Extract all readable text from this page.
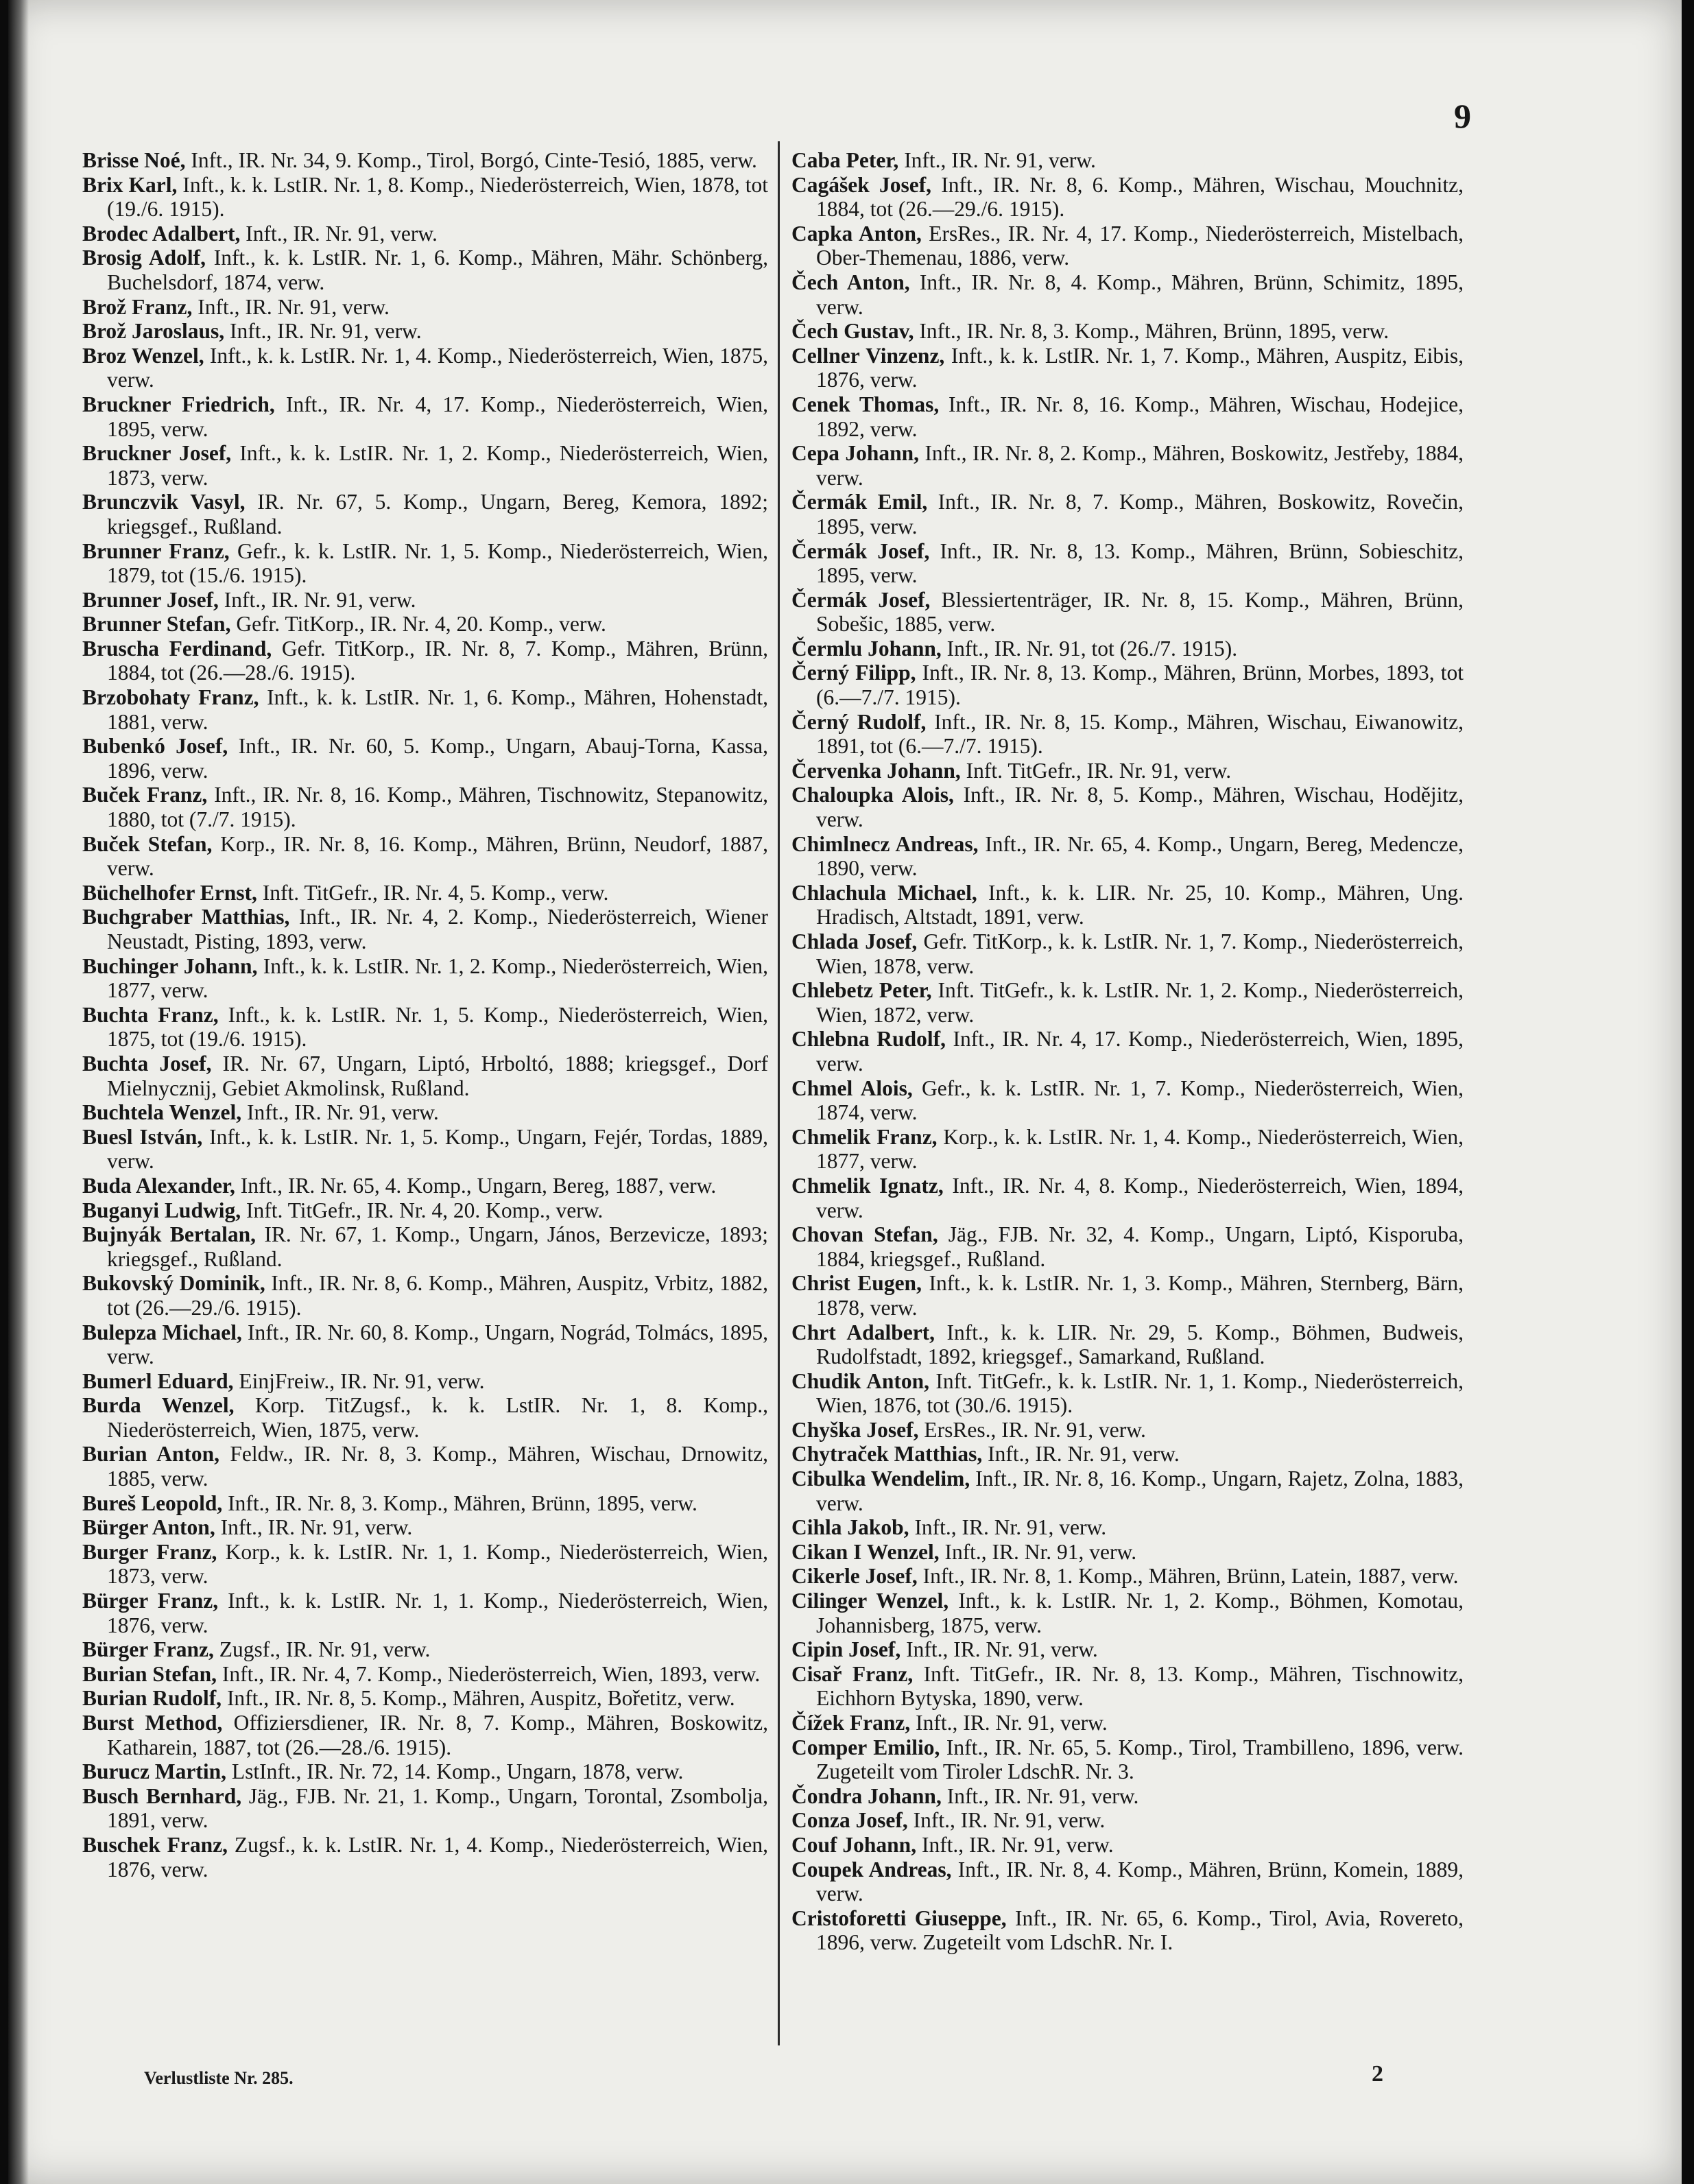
9

Brisse Noé, Inft., IR. Nr. 34, 9. Komp., Tirol, Borgó, Cinte-Tesió, 1885, verw.

Brix Karl, Inft., k. k. LstIR. Nr. 1, 8. Komp., Niederösterreich, Wien, 1878, tot (19./6. 1915).

Brodec Adalbert, Inft., IR. Nr. 91, verw.

Brosig Adolf, Inft., k. k. LstIR. Nr. 1, 6. Komp., Mähren, Mähr. Schönberg, Buchelsdorf, 1874, verw.

Brož Franz, Inft., IR. Nr. 91, verw.

Brož Jaroslaus, Inft., IR. Nr. 91, verw.

Broz Wenzel, Inft., k. k. LstIR. Nr. 1, 4. Komp., Niederösterreich, Wien, 1875, verw.

Bruckner Friedrich, Inft., IR. Nr. 4, 17. Komp., Niederösterreich, Wien, 1895, verw.

Bruckner Josef, Inft., k. k. LstIR. Nr. 1, 2. Komp., Niederösterreich, Wien, 1873, verw.

Brunczvik Vasyl, IR. Nr. 67, 5. Komp., Ungarn, Bereg, Kemora, 1892; kriegsgef., Rußland.

Brunner Franz, Gefr., k. k. LstIR. Nr. 1, 5. Komp., Niederösterreich, Wien, 1879, tot (15./6. 1915).

Brunner Josef, Inft., IR. Nr. 91, verw.

Brunner Stefan, Gefr. TitKorp., IR. Nr. 4, 20. Komp., verw.

Bruscha Ferdinand, Gefr. TitKorp., IR. Nr. 8, 7. Komp., Mähren, Brünn, 1884, tot (26.—28./6. 1915).

Brzobohaty Franz, Inft., k. k. LstIR. Nr. 1, 6. Komp., Mähren, Hohenstadt, 1881, verw.

Bubenkó Josef, Inft., IR. Nr. 60, 5. Komp., Ungarn, Abauj-Torna, Kassa, 1896, verw.

Buček Franz, Inft., IR. Nr. 8, 16. Komp., Mähren, Tischnowitz, Stepanowitz, 1880, tot (7./7. 1915).

Buček Stefan, Korp., IR. Nr. 8, 16. Komp., Mähren, Brünn, Neudorf, 1887, verw.

Büchelhofer Ernst, Inft. TitGefr., IR. Nr. 4, 5. Komp., verw.

Buchgraber Matthias, Inft., IR. Nr. 4, 2. Komp., Niederösterreich, Wiener Neustadt, Pisting, 1893, verw.

Buchinger Johann, Inft., k. k. LstIR. Nr. 1, 2. Komp., Niederösterreich, Wien, 1877, verw.

Buchta Franz, Inft., k. k. LstIR. Nr. 1, 5. Komp., Niederösterreich, Wien, 1875, tot (19./6. 1915).

Buchta Josef, IR. Nr. 67, Ungarn, Liptó, Hrboltó, 1888; kriegsgef., Dorf Mielnycznij, Gebiet Akmolinsk, Rußland.

Buchtela Wenzel, Inft., IR. Nr. 91, verw.

Buesl István, Inft., k. k. LstIR. Nr. 1, 5. Komp., Ungarn, Fejér, Tordas, 1889, verw.

Buda Alexander, Inft., IR. Nr. 65, 4. Komp., Ungarn, Bereg, 1887, verw.

Buganyi Ludwig, Inft. TitGefr., IR. Nr. 4, 20. Komp., verw.

Bujnyák Bertalan, IR. Nr. 67, 1. Komp., Ungarn, János, Berzevicze, 1893; kriegsgef., Rußland.

Bukovský Dominik, Inft., IR. Nr. 8, 6. Komp., Mähren, Auspitz, Vrbitz, 1882, tot (26.—29./6. 1915).

Bulepza Michael, Inft., IR. Nr. 60, 8. Komp., Ungarn, Nográd, Tolmács, 1895, verw.

Bumerl Eduard, EinjFreiw., IR. Nr. 91, verw.

Burda Wenzel, Korp. TitZugsf., k. k. LstIR. Nr. 1, 8. Komp., Niederösterreich, Wien, 1875, verw.

Burian Anton, Feldw., IR. Nr. 8, 3. Komp., Mähren, Wischau, Drnowitz, 1885, verw.

Bureš Leopold, Inft., IR. Nr. 8, 3. Komp., Mähren, Brünn, 1895, verw.

Bürger Anton, Inft., IR. Nr. 91, verw.

Burger Franz, Korp., k. k. LstIR. Nr. 1, 1. Komp., Niederösterreich, Wien, 1873, verw.

Bürger Franz, Inft., k. k. LstIR. Nr. 1, 1. Komp., Niederösterreich, Wien, 1876, verw.

Bürger Franz, Zugsf., IR. Nr. 91, verw.

Burian Stefan, Inft., IR. Nr. 4, 7. Komp., Niederösterreich, Wien, 1893, verw.

Burian Rudolf, Inft., IR. Nr. 8, 5. Komp., Mähren, Auspitz, Bořetitz, verw.

Burst Method, Offiziersdiener, IR. Nr. 8, 7. Komp., Mähren, Boskowitz, Katharein, 1887, tot (26.—28./6. 1915).

Burucz Martin, LstInft., IR. Nr. 72, 14. Komp., Ungarn, 1878, verw.

Busch Bernhard, Jäg., FJB. Nr. 21, 1. Komp., Ungarn, Torontal, Zsombolja, 1891, verw.

Buschek Franz, Zugsf., k. k. LstIR. Nr. 1, 4. Komp., Niederösterreich, Wien, 1876, verw.

Caba Peter, Inft., IR. Nr. 91, verw.

Cagášek Josef, Inft., IR. Nr. 8, 6. Komp., Mähren, Wischau, Mouchnitz, 1884, tot (26.—29./6. 1915).

Capka Anton, ErsRes., IR. Nr. 4, 17. Komp., Niederösterreich, Mistelbach, Ober-Themenau, 1886, verw.

Čech Anton, Inft., IR. Nr. 8, 4. Komp., Mähren, Brünn, Schimitz, 1895, verw.

Čech Gustav, Inft., IR. Nr. 8, 3. Komp., Mähren, Brünn, 1895, verw.

Cellner Vinzenz, Inft., k. k. LstIR. Nr. 1, 7. Komp., Mähren, Auspitz, Eibis, 1876, verw.

Cenek Thomas, Inft., IR. Nr. 8, 16. Komp., Mähren, Wischau, Hodejice, 1892, verw.

Cepa Johann, Inft., IR. Nr. 8, 2. Komp., Mähren, Boskowitz, Jestřeby, 1884, verw.

Čermák Emil, Inft., IR. Nr. 8, 7. Komp., Mähren, Boskowitz, Rovečin, 1895, verw.

Čermák Josef, Inft., IR. Nr. 8, 13. Komp., Mähren, Brünn, Sobieschitz, 1895, verw.

Čermák Josef, Blessiertenträger, IR. Nr. 8, 15. Komp., Mähren, Brünn, Sobešic, 1885, verw.

Čermlu Johann, Inft., IR. Nr. 91, tot (26./7. 1915).

Černý Filipp, Inft., IR. Nr. 8, 13. Komp., Mähren, Brünn, Morbes, 1893, tot (6.—7./7. 1915).

Černý Rudolf, Inft., IR. Nr. 8, 15. Komp., Mähren, Wischau, Eiwanowitz, 1891, tot (6.—7./7. 1915).

Červenka Johann, Inft. TitGefr., IR. Nr. 91, verw.

Chaloupka Alois, Inft., IR. Nr. 8, 5. Komp., Mähren, Wischau, Hodějitz, verw.

Chimlnecz Andreas, Inft., IR. Nr. 65, 4. Komp., Ungarn, Bereg, Medencze, 1890, verw.

Chlachula Michael, Inft., k. k. LIR. Nr. 25, 10. Komp., Mähren, Ung. Hradisch, Altstadt, 1891, verw.

Chlada Josef, Gefr. TitKorp., k. k. LstIR. Nr. 1, 7. Komp., Niederösterreich, Wien, 1878, verw.

Chlebetz Peter, Inft. TitGefr., k. k. LstIR. Nr. 1, 2. Komp., Niederösterreich, Wien, 1872, verw.

Chlebna Rudolf, Inft., IR. Nr. 4, 17. Komp., Niederösterreich, Wien, 1895, verw.

Chmel Alois, Gefr., k. k. LstIR. Nr. 1, 7. Komp., Niederösterreich, Wien, 1874, verw.

Chmelik Franz, Korp., k. k. LstIR. Nr. 1, 4. Komp., Niederösterreich, Wien, 1877, verw.

Chmelik Ignatz, Inft., IR. Nr. 4, 8. Komp., Niederösterreich, Wien, 1894, verw.

Chovan Stefan, Jäg., FJB. Nr. 32, 4. Komp., Ungarn, Liptó, Kisporuba, 1884, kriegsgef., Rußland.

Christ Eugen, Inft., k. k. LstIR. Nr. 1, 3. Komp., Mähren, Sternberg, Bärn, 1878, verw.

Chrt Adalbert, Inft., k. k. LIR. Nr. 29, 5. Komp., Böhmen, Budweis, Rudolfstadt, 1892, kriegsgef., Samarkand, Rußland.

Chudik Anton, Inft. TitGefr., k. k. LstIR. Nr. 1, 1. Komp., Niederösterreich, Wien, 1876, tot (30./6. 1915).

Chyška Josef, ErsRes., IR. Nr. 91, verw.

Chytraček Matthias, Inft., IR. Nr. 91, verw.

Cibulka Wendelim, Inft., IR. Nr. 8, 16. Komp., Ungarn, Rajetz, Zolna, 1883, verw.

Cihla Jakob, Inft., IR. Nr. 91, verw.

Cikan I Wenzel, Inft., IR. Nr. 91, verw.

Cikerle Josef, Inft., IR. Nr. 8, 1. Komp., Mähren, Brünn, Latein, 1887, verw.

Cilinger Wenzel, Inft., k. k. LstIR. Nr. 1, 2. Komp., Böhmen, Komotau, Johannisberg, 1875, verw.

Cipin Josef, Inft., IR. Nr. 91, verw.

Cisař Franz, Inft. TitGefr., IR. Nr. 8, 13. Komp., Mähren, Tischnowitz, Eichhorn Bytyska, 1890, verw.

Čížek Franz, Inft., IR. Nr. 91, verw.

Comper Emilio, Inft., IR. Nr. 65, 5. Komp., Tirol, Trambilleno, 1896, verw. Zugeteilt vom Tiroler LdschR. Nr. 3.

Čondra Johann, Inft., IR. Nr. 91, verw.

Conza Josef, Inft., IR. Nr. 91, verw.

Couf Johann, Inft., IR. Nr. 91, verw.

Coupek Andreas, Inft., IR. Nr. 8, 4. Komp., Mähren, Brünn, Komein, 1889, verw.

Cristoforetti Giuseppe, Inft., IR. Nr. 65, 6. Komp., Tirol, Avia, Rovereto, 1896, verw. Zugeteilt vom LdschR. Nr. I.

Verlustliste Nr. 285.	2
